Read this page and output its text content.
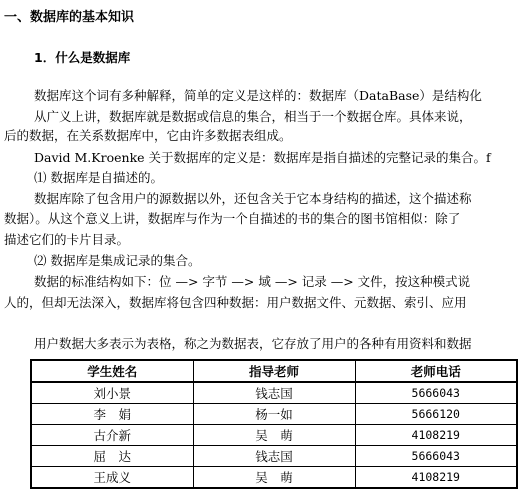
一、数据库的基本知识
1．什么是数据库
数据库这个词有多种解释，简单的定义是这样的：数据库（DataBase）是结构化
从广义上讲，数据库就是数据或信息的集合，相当于一个数据仓库。具体来说，
后的数据，在关系数据库中，它由许多数据表组成。
David M.Kroenke 关于数据库的定义是：数据库是指自描述的完整记录的集合。f
⑴ 数据库是自描述的。
数据库除了包含用户的源数据以外，还包含关于它本身结构的描述，这个描述称
数据）。从这个意义上讲，数据库与作为一个自描述的书的集合的图书馆相似：除了
描述它们的卡片目录。
⑵ 数据库是集成记录的集合。
数据的标准结构如下：位 —> 字节 —> 域 —> 记录 —> 文件，按这种模式说
人的，但却无法深入，数据库将包含四种数据：用户数据文件、元数据、索引、应用
用户数据大多表示为表格，称之为数据表，它存放了用户的各种有用资料和数据
学生姓名	指导老师	老师电话
刘小景	钱志国	5666043
李　娟	杨一如	5666120
古介新	吴　萌	4108219
屈　达	钱志国	5666043
王成义	吴　萌	4108219
